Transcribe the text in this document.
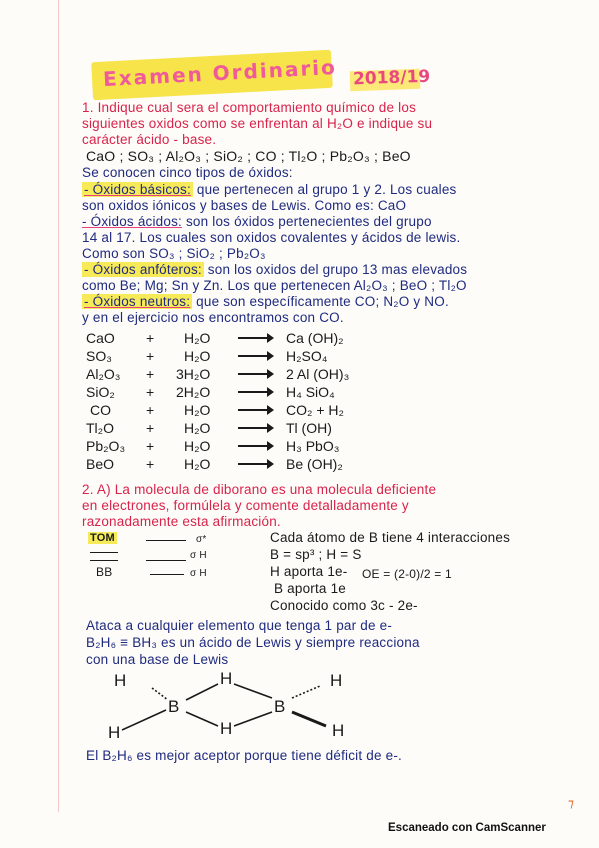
Examen Ordinario 2018/19
1. Indique cual sera el comportamiento químico de los
siguientes oxidos como se enfrentan al H₂O e indique su
carácter ácido - base.
CaO ; SO₃ ; Al₂O₃ ; SiO₂ ; CO ; Tl₂O ; Pb₂O₃ ; BeO
Se conocen cinco tipos de óxidos:
- Óxidos básicos: que pertenecen al grupo 1 y 2. Los cuales
son oxidos iónicos y bases de Lewis. Como es: CaO
- Óxidos ácidos: son los óxidos pertenecientes del grupo
14 al 17. Los cuales son oxidos covalentes y ácidos de lewis.
Como son SO₃ ; SiO₂ ; Pb₂O₃
- Óxidos anfóteros: son los oxidos del grupo 13 mas elevados
como Be; Mg; Sn y Zn. Los que pertenecen Al₂O₃ ; BeO ; Tl₂O
- Óxidos neutros: que son específicamente CO; N₂O y NO.
y en el ejercicio nos encontramos con CO.
CaO + H₂O	Ca (OH)₂
SO₃ + H₂O	H₂SO₄
Al₂O₃ + 3H₂O	2 Al (OH)₃
SiO₂ + 2H₂O	H₄ SiO₄
CO	+ H₂O	CO₂ + H₂
Tl₂O + H₂O	Tl (OH)
Pb₂O₃ + H₂O	H₃ PbO₃
BeO + H₂O	Be (OH)₂
2. A) La molecula de diborano es una molecula deficiente
en electrones, formúlela y comente detalladamente y
razonadamente esta afirmación.
TOM	σ*
BB
σ H
σ H
Cada átomo de B tiene 4 interacciones
B = sp³ ; H = S
H aporta 1e- OE = (2-0)/2 = 1
B aporta 1e
Conocido como 3c - 2e-
Ataca a cualquier elemento que tenga 1 par de e-
B₂H₆ ≡ BH₃ es un ácido de Lewis y siempre reacciona
con una base de Lewis
H
H
B
H
H
B
H
H
El B₂H₆ es mejor aceptor porque tiene déficit de e-.
⁊
Escaneado con CamScanner
